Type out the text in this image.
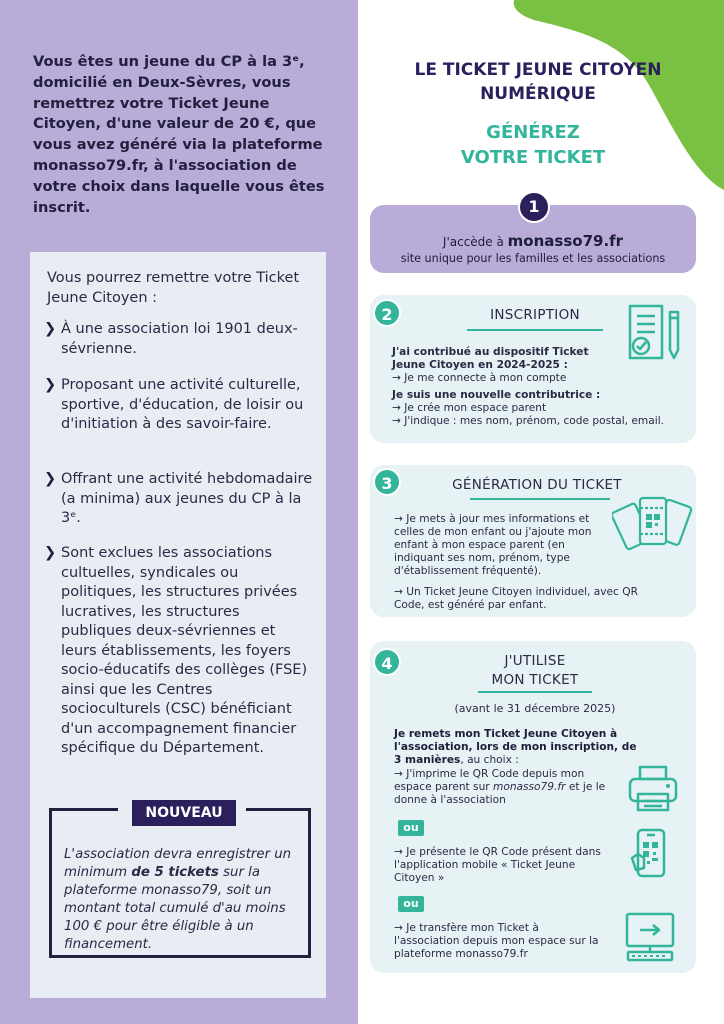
Vous êtes un jeune du CP à la 3ᵉ, domicilié en Deux-Sèvres, vous remettrez votre Ticket Jeune Citoyen, d'une valeur de 20 €, que vous avez généré via la plateforme monasso79.fr, à l'association de votre choix dans laquelle vous êtes inscrit.
Vous pourrez remettre votre Ticket Jeune Citoyen :
❯ À une association loi 1901 deux-sévrienne.
❯ Proposant une activité culturelle, sportive, d'éducation, de loisir ou d'initiation à des savoir-faire.
❯ Offrant une activité hebdomadaire (a minima) aux jeunes du CP à la 3ᵉ.
❯ Sont exclues les associations cultuelles, syndicales ou politiques, les structures privées lucratives, les structures publiques deux-sévriennes et leurs établissements, les foyers socio-éducatifs des collèges (FSE) ainsi que les Centres socioculturels (CSC) bénéficiant d'un accompagnement financier spécifique du Département.
NOUVEAU
L'association devra enregistrer un minimum de 5 tickets sur la plateforme monasso79, soit un montant total cumulé d'au moins 100 € pour être éligible à un financement.
LE TICKET JEUNE CITOYEN
NUMÉRIQUE
GÉNÉREZ
VOTRE TICKET
1
J'accède à monasso79.fr
site unique pour les familles et les associations
2	INSCRIPTION
J'ai contribué au dispositif Ticket Jeune Citoyen en 2024-2025 :
→ Je me connecte à mon compte
Je suis une nouvelle contributrice :
→ Je crée mon espace parent
→ J'indique : mes nom, prénom, code postal, email.
3	GÉNÉRATION DU TICKET
→ Je mets à jour mes informations et celles de mon enfant ou j'ajoute mon enfant à mon espace parent (en indiquant ses nom, prénom, type d'établissement fréquenté).
→ Un Ticket Jeune Citoyen individuel, avec QR Code, est généré par enfant.
4	J'UTILISE
MON TICKET
(avant le 31 décembre 2025)
Je remets mon Ticket Jeune Citoyen à l'association, lors de mon inscription, de 3 manières, au choix :
→ J'imprime le QR Code depuis mon espace parent sur monasso79.fr et je le donne à l'association
ou
→ Je présente le QR Code présent dans l'application mobile « Ticket Jeune Citoyen »
ou
→ Je transfère mon Ticket à l'association depuis mon espace sur la plateforme monasso79.fr
